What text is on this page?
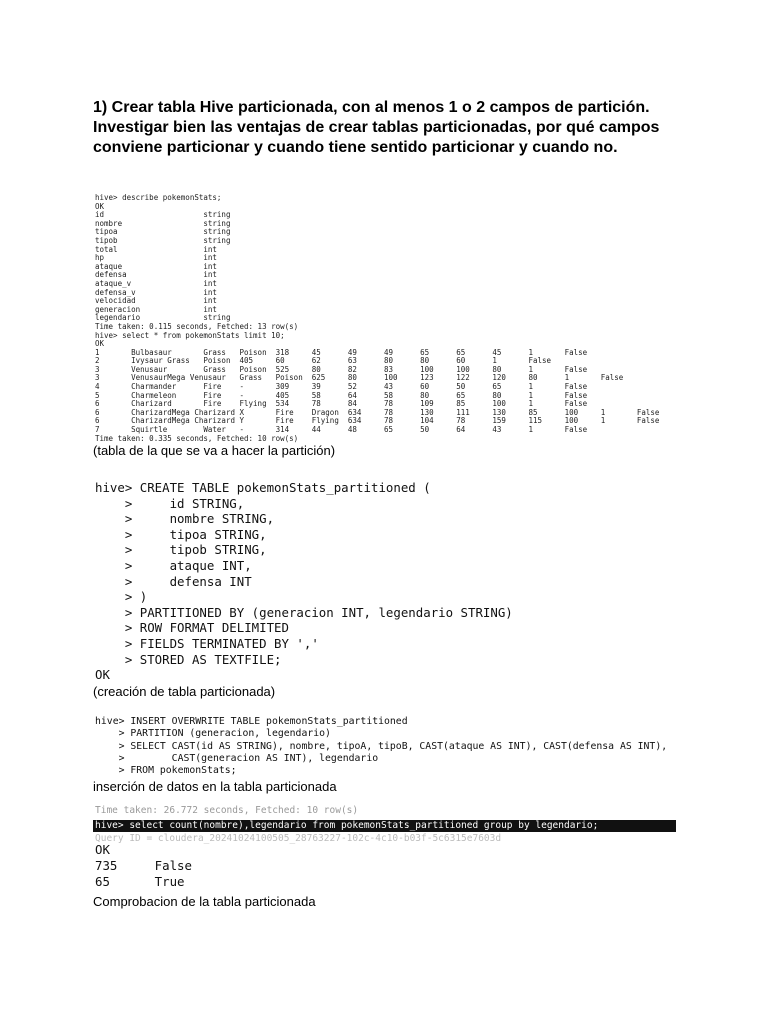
1) Crear tabla Hive particionada, con al menos 1 o 2 campos de partición.
Investigar bien las ventajas de crear tablas particionadas, por qué campos
conviene particionar y cuando tiene sentido particionar y cuando no.
hive> describe pokemonStats;
OK
id                      string
nombre                  string
tipoa                   string
tipob                   string
total                   int
hp                      int
ataque                  int
defensa                 int
ataque_v                int
defensa_v               int
velocidad               int
generacion              int
legendario              string
Time taken: 0.115 seconds, Fetched: 13 row(s)
hive> select * from pokemonStats limit 10;
OK
1       Bulbasaur       Grass   Poison  318     45      49      49      65      65      45      1       False
2       Ivysaur Grass   Poison  405     60      62      63      80      80      60      1       False
3       Venusaur        Grass   Poison  525     80      82      83      100     100     80      1       False
3       VenusaurMega Venusaur   Grass   Poison  625     80      100     123     122     120     80      1       False
4       Charmander      Fire    -       309     39      52      43      60      50      65      1       False
5       Charmeleon      Fire    -       405     58      64      58      80      65      80      1       False
6       Charizard       Fire    Flying  534     78      84      78      109     85      100     1       False
6       CharizardMega Charizard X       Fire    Dragon  634     78      130     111     130     85      100     1       False
6       CharizardMega Charizard Y       Fire    Flying  634     78      104     78      159     115     100     1       False
7       Squirtle        Water   -       314     44      48      65      50      64      43      1       False
Time taken: 0.335 seconds, Fetched: 10 row(s)
(tabla de la que se va a hacer la partición)
hive> CREATE TABLE pokemonStats_partitioned (
>     id STRING,
>     nombre STRING,
>     tipoa STRING,
>     tipob STRING,
>     ataque INT,
>     defensa INT
> )
> PARTITIONED BY (generacion INT, legendario STRING)
> ROW FORMAT DELIMITED
> FIELDS TERMINATED BY ','
> STORED AS TEXTFILE;
OK
(creación de tabla particionada)
hive> INSERT OVERWRITE TABLE pokemonStats_partitioned
> PARTITION (generacion, legendario)
> SELECT CAST(id AS STRING), nombre, tipoA, tipoB, CAST(ataque AS INT), CAST(defensa AS INT),
>        CAST(generacion AS INT), legendario
> FROM pokemonStats;
inserción de datos en la tabla particionada
Time taken: 26.772 seconds, Fetched: 10 row(s)
hive> select count(nombre),legendario from pokemonStats_partitioned group by legendario;
Query ID = cloudera_20241024100505_28763227-102c-4c10-b03f-5c6315e7603d
OK
735     False
65      True
Comprobacion de la tabla particionada
